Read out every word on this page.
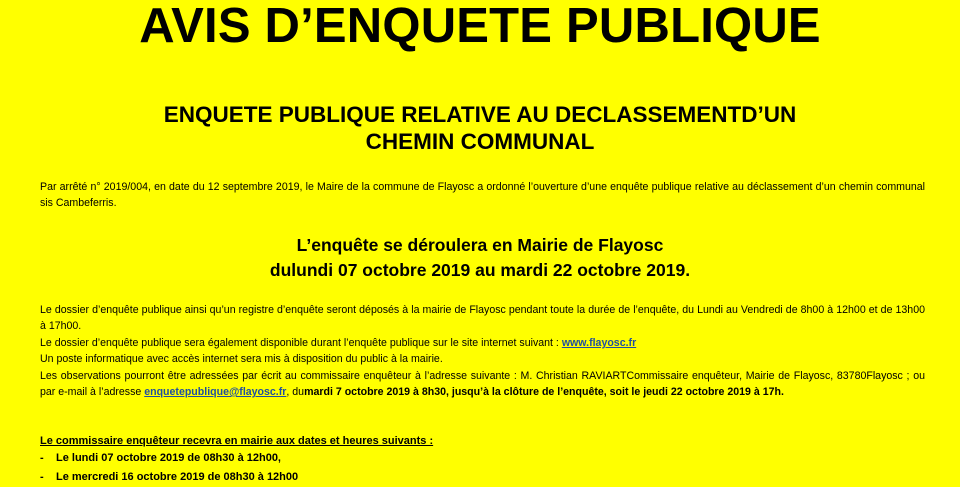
AVIS D’ENQUETE PUBLIQUE
ENQUETE PUBLIQUE RELATIVE AU DECLASSEMENTD’UN
CHEMIN COMMUNAL

Par arrêté n° 2019/004, en date du 12 septembre 2019, le Maire de la commune de Flayosc a ordonné l’ouverture d’une enquête publique relative au déclassement d’un chemin communal sis Cambeferris.

L’enquête se déroulera en Mairie de Flayosc
dulundi 07 octobre 2019 au mardi 22 octobre 2019.

Le dossier d’enquête publique ainsi qu’un registre d’enquête seront déposés à la mairie de Flayosc pendant toute la durée de l’enquête, du Lundi au Vendredi de 8h00 à 12h00 et de 13h00 à 17h00.

Le dossier d’enquête publique sera également disponible durant l’enquête publique sur le site internet suivant : www.flayosc.fr

Un poste informatique avec accès internet sera mis à disposition du public à la mairie.

Les observations pourront être adressées par écrit au commissaire enquêteur à l’adresse suivante : M. Christian RAVIARTCommissaire enquêteur, Mairie de Flayosc, 83780Flayosc ; ou par e-mail à l’adresse enquetepublique@flayosc.fr, dumardi 7 octobre 2019 à 8h30, jusqu’à la clôture de l’enquête, soit le jeudi 22 octobre 2019 à 17h.

Le commissaire enquêteur recevra en mairie aux dates et heures suivants :

- Le lundi 07 octobre 2019 de 08h30 à 12h00,
- Le mercredi 16 octobre 2019 de 08h30 à 12h00
